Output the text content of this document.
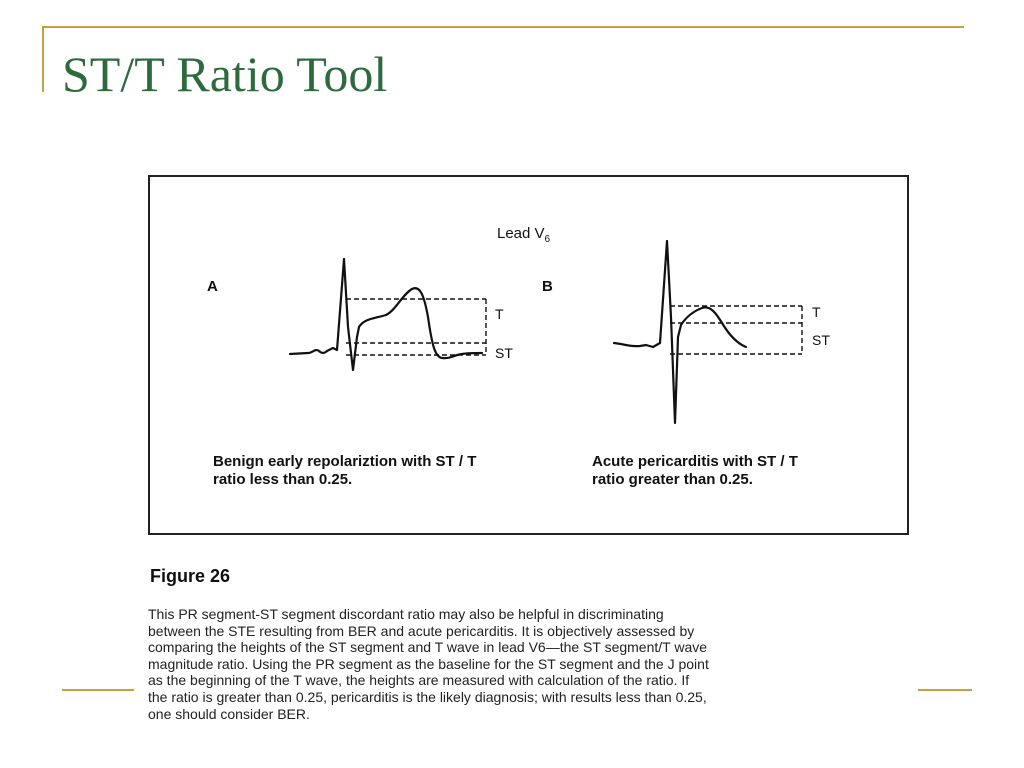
ST/T Ratio Tool
Lead $V_6$
A
T
ST
B
T
ST
Benign early repolariztion with ST / T
ratio less than 0.25.
Acute pericarditis with ST / T
ratio greater than 0.25.
Figure 26
This PR segment-ST segment discordant ratio may also be helpful in discriminating
between the STE resulting from BER and acute pericarditis. It is objectively assessed by
comparing the heights of the ST segment and T wave in lead V6—the ST segment/T wave
magnitude ratio. Using the PR segment as the baseline for the ST segment and the J point
as the beginning of the T wave, the heights are measured with calculation of the ratio. If
the ratio is greater than 0.25, pericarditis is the likely diagnosis; with results less than 0.25,
one should consider BER.
